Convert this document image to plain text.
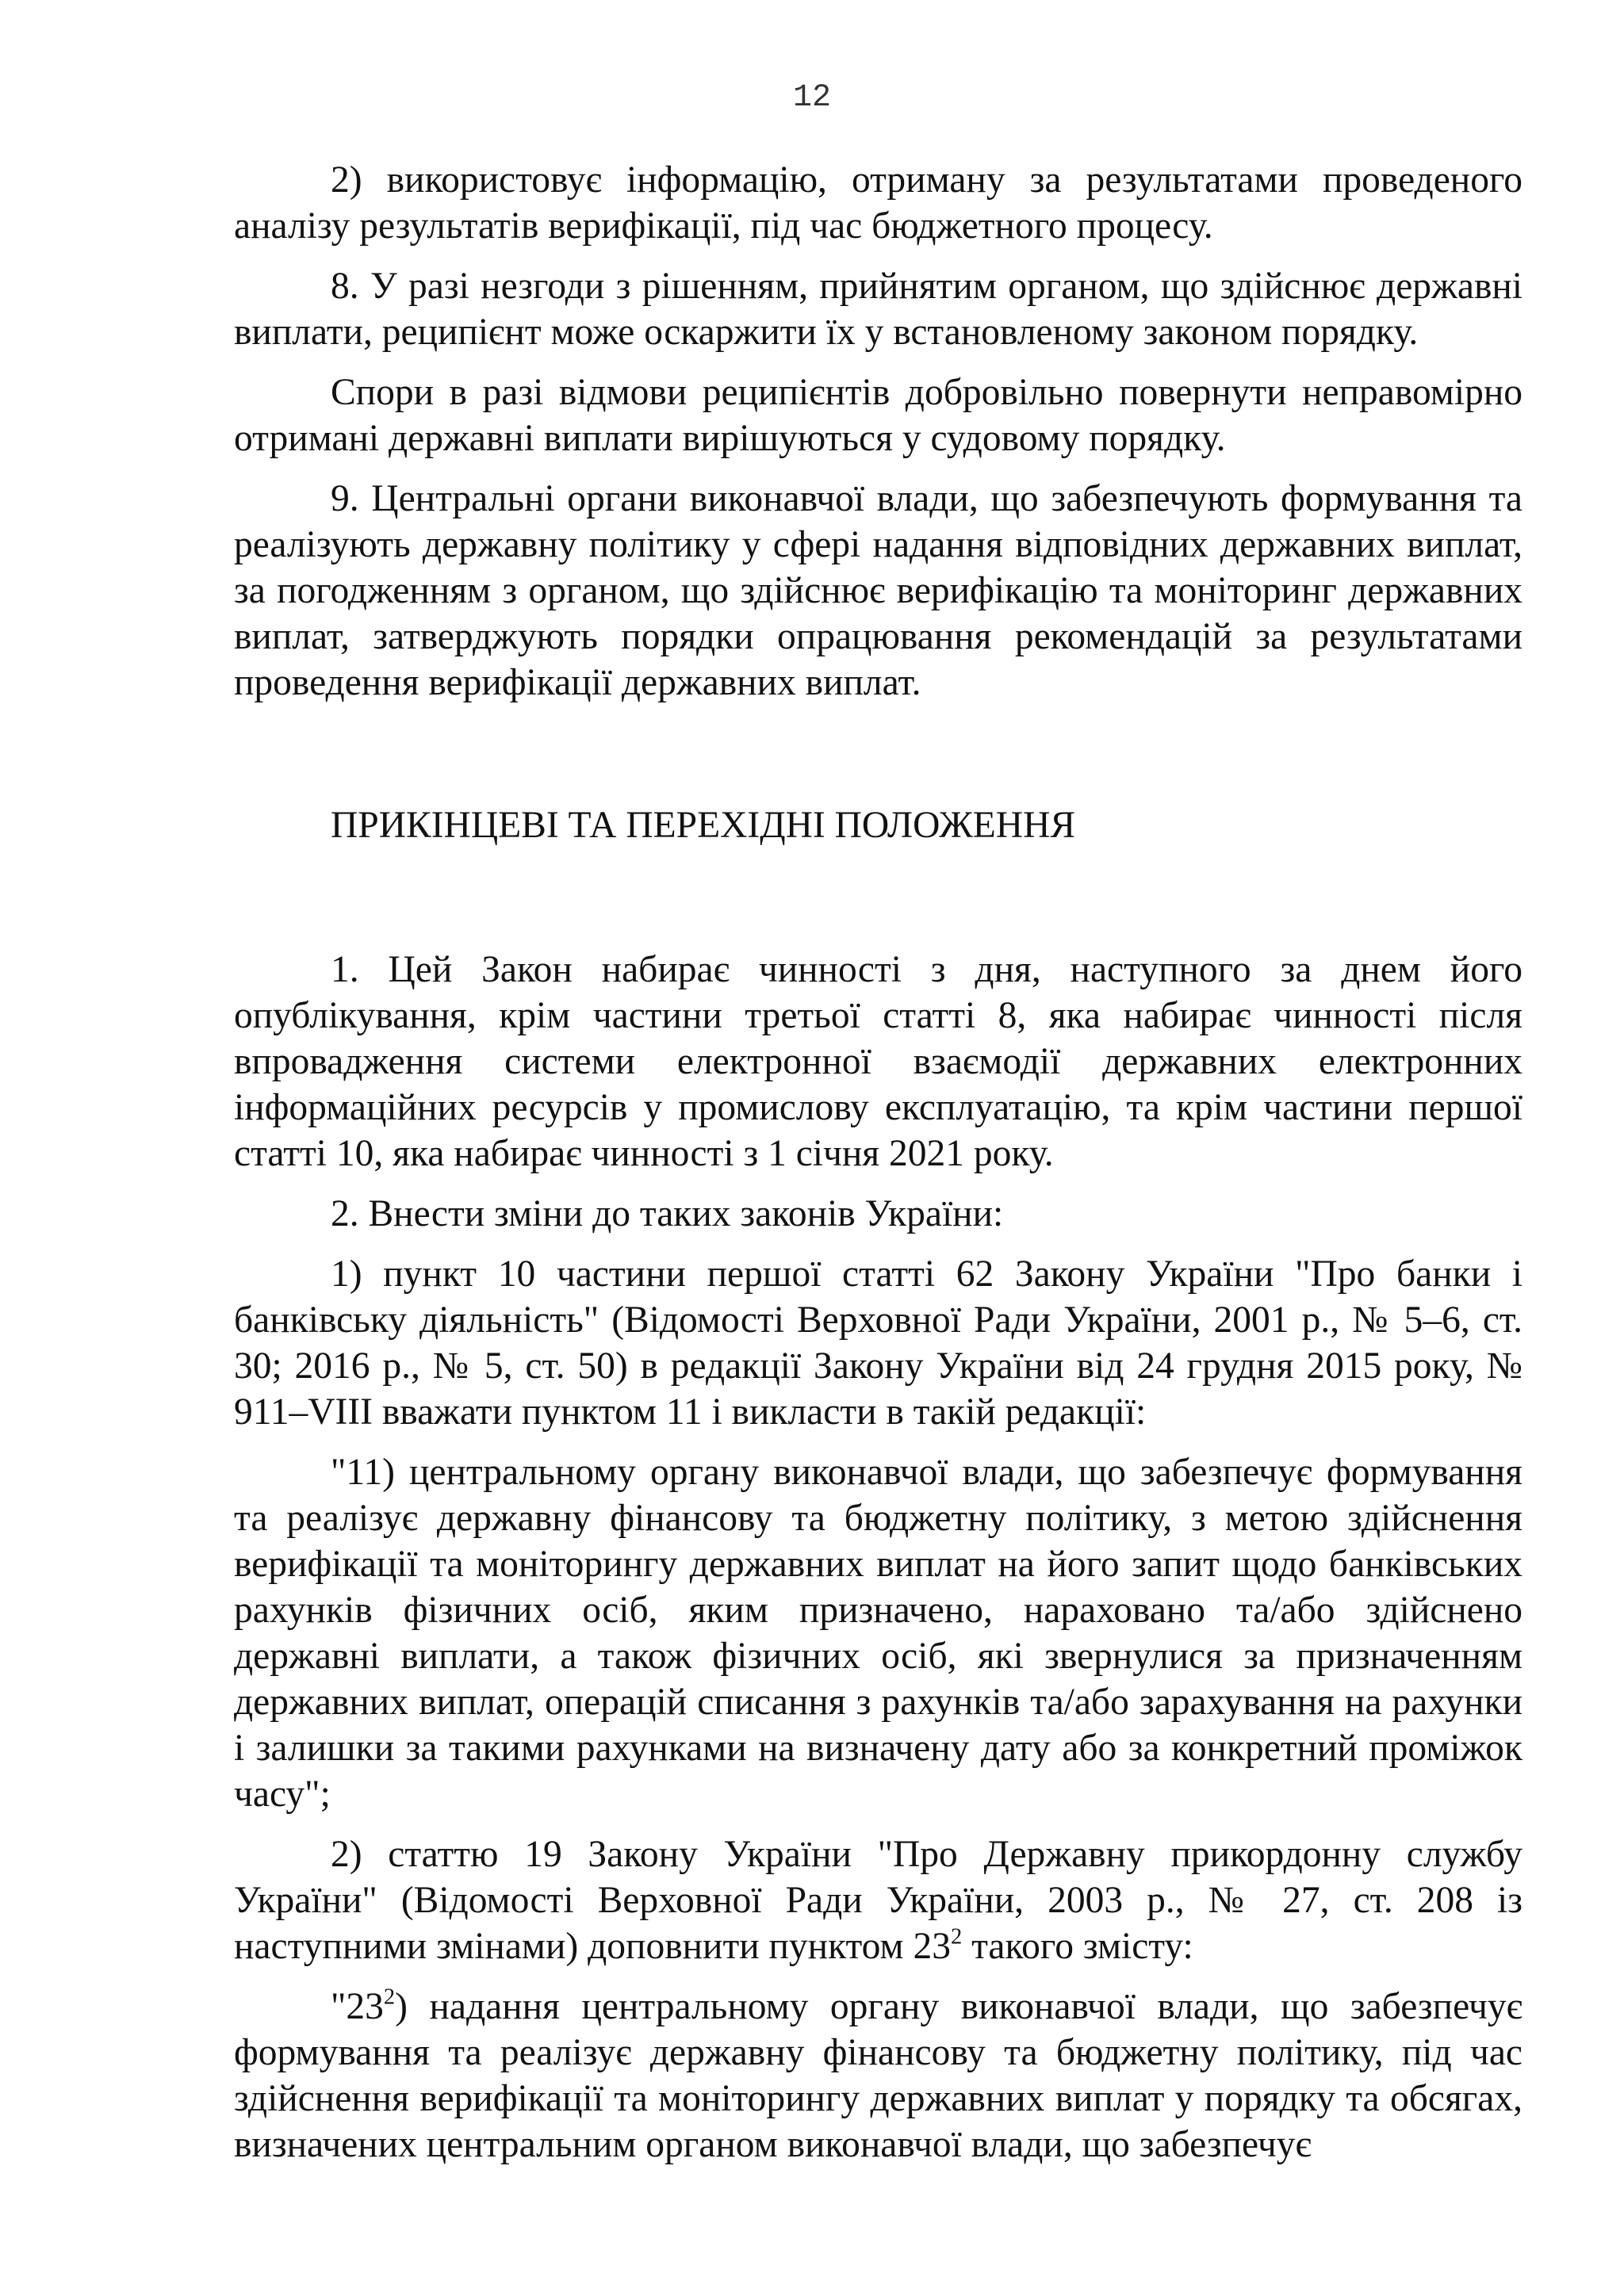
12

2) використовує інформацію, отриману за результатами проведеного аналізу результатів верифікації, під час бюджетного процесу.

8. У разі незгоди з рішенням, прийнятим органом, що здійснює державні виплати, реципієнт може оскаржити їх у встановленому законом порядку.

Спори в разі відмови реципієнтів добровільно повернути неправомірно отримані державні виплати вирішуються у судовому порядку.

9. Центральні органи виконавчої влади, що забезпечують формування та реалізують державну політику у сфері надання відповідних державних виплат, за погодженням з органом, що здійснює верифікацію та моніторинг державних виплат, затверджують порядки опрацювання рекомендацій за результатами проведення верифікації державних виплат.

ПРИКІНЦЕВІ ТА ПЕРЕХІДНІ ПОЛОЖЕННЯ

1. Цей Закон набирає чинності з дня, наступного за днем його опублікування, крім частини третьої статті 8, яка набирає чинності після впровадження системи електронної взаємодії державних електронних інформаційних ресурсів у промислову експлуатацію, та крім частини першої статті 10, яка набирає чинності з 1 січня 2021 року.

2. Внести зміни до таких законів України:

1) пункт 10 частини першої статті 62 Закону України "Про банки і банківську діяльність" (Відомості Верховної Ради України, 2001 р., № 5–6, ст. 30; 2016 р., № 5, ст. 50) в редакції Закону України від 24 грудня 2015 року, № 911–VIII вважати пунктом 11 і викласти в такій редакції:

"11) центральному органу виконавчої влади, що забезпечує формування та реалізує державну фінансову та бюджетну політику, з метою здійснення верифікації та моніторингу державних виплат на його запит щодо банківських рахунків фізичних осіб, яким призначено, нараховано та/або здійснено державні виплати, а також фізичних осіб, які звернулися за призначенням державних виплат, операцій списання з рахунків та/або зарахування на рахунки і залишки за такими рахунками на визначену дату або за конкретний проміжок часу";

2) статтю 19 Закону України "Про Державну прикордонну службу України" (Відомості Верховної Ради України, 2003 р., № 27, ст. 208 із наступними змінами) доповнити пунктом $23^2$ такого змісту:

"$23^2$) надання центральному органу виконавчої влади, що забезпечує формування та реалізує державну фінансову та бюджетну політику, під час здійснення верифікації та моніторингу державних виплат у порядку та обсягах, визначених центральним органом виконавчої влади, що забезпечує
